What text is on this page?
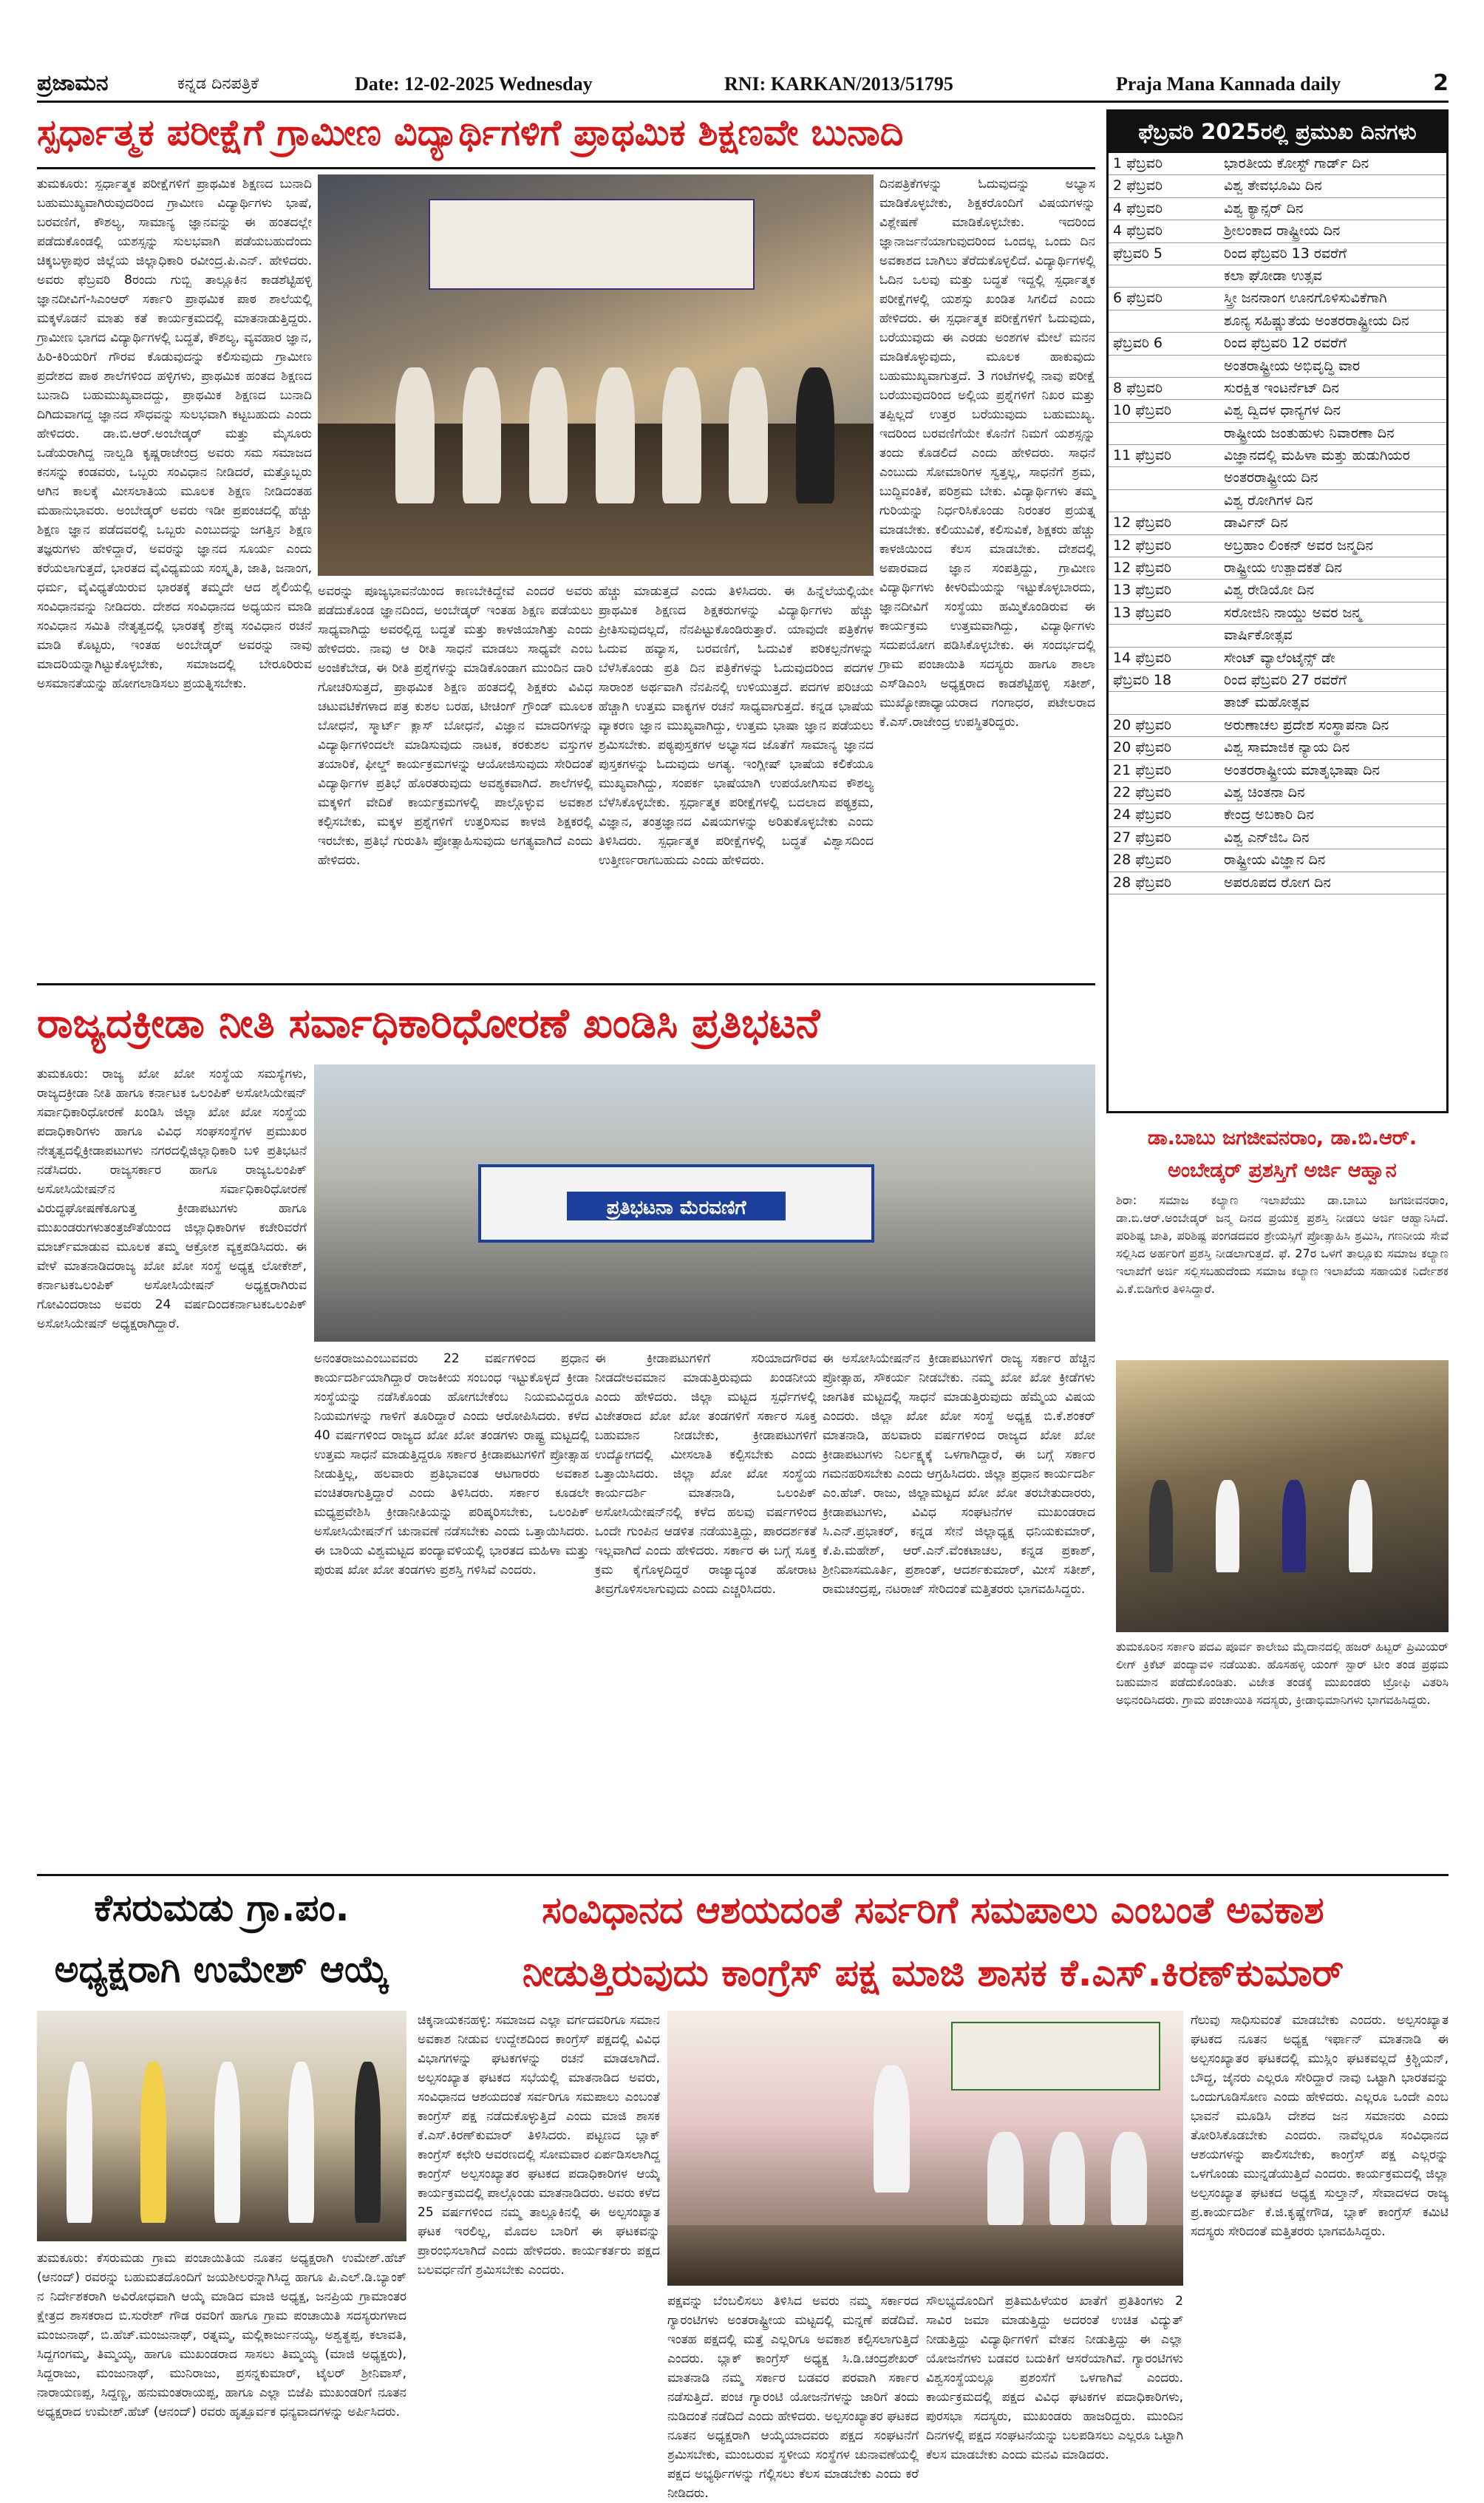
ಪ್ರಜಾಮನ	ಕನ್ನಡ ದಿನಪತ್ರಿಕೆ	Date: 12-02-2025 Wednesday	RNI: KARKAN/2013/51795	Praja Mana Kannada daily	2
ಸ್ಪರ್ಧಾತ್ಮಕ ಪರೀಕ್ಷೆಗೆ ಗ್ರಾಮೀಣ ವಿದ್ಯಾರ್ಥಿಗಳಿಗೆ ಪ್ರಾಥಮಿಕ ಶಿಕ್ಷಣವೇ ಬುನಾದಿ
ತುಮಕೂರು: ಸ್ಪರ್ಧಾತ್ಮಕ ಪರೀಕ್ಷೆಗಳಿಗೆ ಪ್ರಾಥಮಿಕ ಶಿಕ್ಷಣದ ಬುನಾದಿ ಬಹುಮುಖ್ಯವಾಗಿರುವುದರಿಂದ ಗ್ರಾಮೀಣ ವಿದ್ಯಾರ್ಥಿಗಳು ಭಾಷೆ, ಬರವಣಿಗೆ, ಕೌಶಲ್ಯ, ಸಾಮಾನ್ಯ ಜ್ಞಾನವನ್ನು ಈ ಹಂತದಲ್ಲೇ ಪಡೆದುಕೊಂಡಲ್ಲಿ ಯಶಸ್ಸನ್ನು ಸುಲಭವಾಗಿ ಪಡೆಯಬಹುದೆಂದು ಚಿಕ್ಕಬಳ್ಳಾಪುರ ಜಿಲ್ಲೆಯ ಜಿಲ್ಲಾಧಿಕಾರಿ ರವೀಂದ್ರ.ಪಿ.ಎನ್. ಹೇಳಿದರು. ಅವರು ಫೆಬ್ರವರಿ 8ರಂದು ಗುಬ್ಬಿ ತಾಲ್ಲೂಕಿನ ಕಾಡಶೆಟ್ಟಿಹಳ್ಳಿ ಜ್ಞಾನದೀವಿಗೆ-ಸಿಎಂಆರ್ ಸರ್ಕಾರಿ ಪ್ರಾಥಮಿಕ ಪಾಠ ಶಾಲೆಯಲ್ಲಿ ಮಕ್ಕಳೊಡನೆ ಮಾತು ಕತೆ ಕಾರ್ಯಕ್ರಮದಲ್ಲಿ ಮಾತನಾಡುತ್ತಿದ್ದರು. ಗ್ರಾಮೀಣ ಭಾಗದ ವಿದ್ಯಾರ್ಥಿಗಳಲ್ಲಿ ಬದ್ಧತೆ, ಕೌಶಲ್ಯ, ವ್ಯವಹಾರ ಜ್ಞಾನ, ಹಿರಿ-ಕಿರಿಯರಿಗೆ ಗೌರವ ಕೊಡುವುದನ್ನು ಕಲಿಸುವುದು ಗ್ರಾಮೀಣ ಪ್ರದೇಶದ ಪಾಠ ಶಾಲೆಗಳಿಂದ ಹಳ್ಳಿಗಳು, ಪ್ರಾಥಮಿಕ ಹಂತದ ಶಿಕ್ಷಣದ ಬುನಾದಿ ಬಹುಮುಖ್ಯವಾದದ್ದು, ಪ್ರಾಥಮಿಕ ಶಿಕ್ಷಣದ ಬುನಾದಿ ದಿಗಿದುವಾಗದ್ದ ಜ್ಞಾನದ ಸೌಧವನ್ನು ಸುಲಭವಾಗಿ ಕಟ್ಟಬಹುದು ಎಂದು ಹೇಳಿದರು. ಡಾ.ಬಿ.ಆರ್.ಅಂಬೇಡ್ಕರ್ ಮತ್ತು ಮೈಸೂರು ಒಡೆಯರಾಗಿದ್ದ ನಾಲ್ವಡಿ ಕೃಷ್ಣರಾಜೇಂದ್ರ ಅವರು ಸಮ ಸಮಾಜದ ಕನಸನ್ನು ಕಂಡವರು, ಒಬ್ಬರು ಸಂವಿಧಾನ ನೀಡಿದರೆ, ಮತ್ತೊಬ್ಬರು ಆಗಿನ ಕಾಲಕ್ಕೆ ಮೀಸಲಾತಿಯ ಮೂಲಕ ಶಿಕ್ಷಣ ನೀಡಿದಂತಹ ಮಹಾನುಭಾವರು. ಅಂಬೇಡ್ಕರ್ ಅವರು ಇಡೀ ಪ್ರಪಂಚದಲ್ಲಿ ಹೆಚ್ಚು ಶಿಕ್ಷಣ ಜ್ಞಾನ ಪಡೆದವರಲ್ಲಿ ಒಬ್ಬರು ಎಂಬುದನ್ನು ಜಗತ್ತಿನ ಶಿಕ್ಷಣ ತಜ್ಞರುಗಳು ಹೇಳಿದ್ದಾರೆ, ಅವರನ್ನು ಜ್ಞಾನದ ಸೂರ್ಯ ಎಂದು ಕರೆಯಲಾಗುತ್ತದೆ, ಭಾರತದ ವೈವಿಧ್ಯಮಯ ಸಂಸ್ಕೃತಿ, ಜಾತಿ, ಜನಾಂಗ, ಧರ್ಮ, ವೈವಿಧ್ಯತೆಯಿರುವ ಭಾರತಕ್ಕೆ ತಮ್ಮದೇ ಆದ ಶೈಲಿಯಲ್ಲಿ ಸಂವಿಧಾನವನ್ನು ನೀಡಿದರು. ದೇಶದ ಸಂವಿಧಾನದ ಅಧ್ಯಯನ ಮಾಡಿ ಸಂವಿಧಾನ ಸಮಿತಿ ನೇತೃತ್ವದಲ್ಲಿ ಭಾರತಕ್ಕೆ ಶ್ರೇಷ್ಠ ಸಂವಿಧಾನ ರಚನೆ ಮಾಡಿ ಕೊಟ್ಟರು, ಇಂತಹ ಅಂಬೇಡ್ಕರ್ ಅವರನ್ನು ನಾವು ಮಾದರಿಯನ್ನಾಗಿಟ್ಟುಕೊಳ್ಳಬೇಕು, ಸಮಾಜದಲ್ಲಿ ಬೇರೂರಿರುವ ಅಸಮಾನತೆಯನ್ನು ಹೋಗಲಾಡಿಸಲು ಪ್ರಯತ್ನಿಸಬೇಕು.
ಅವರನ್ನು ಪೂಜ್ಯಭಾವನೆಯಿಂದ ಕಾಣಬೇಕಿದ್ದೇವೆ ಎಂದರೆ ಅವರು ಪಡೆದುಕೊಂಡ ಜ್ಞಾನದಿಂದ, ಅಂಬೇಡ್ಕರ್ ಇಂತಹ ಶಿಕ್ಷಣ ಪಡೆಯಲು ಸಾಧ್ಯವಾಗಿದ್ದು ಅವರಲ್ಲಿದ್ದ ಬದ್ಧತೆ ಮತ್ತು ಕಾಳಜಿಯಾಗಿತ್ತು ಎಂದು ಹೇಳಿದರು. ನಾವು ಆ ರೀತಿ ಸಾಧನೆ ಮಾಡಲು ಸಾಧ್ಯವೇ ಎಂಬ ಅಂಜಿಕೆಬೇಡ, ಈ ರೀತಿ ಪ್ರಶ್ನೆಗಳನ್ನು ಮಾಡಿಕೊಂಡಾಗ ಮುಂದಿನ ದಾರಿ ಗೋಚರಿಸುತ್ತದೆ, ಪ್ರಾಥಮಿಕ ಶಿಕ್ಷಣ ಹಂತದಲ್ಲಿ ಶಿಕ್ಷಕರು ವಿವಿಧ ಚಟುವಟಿಕೆಗಳಾದ ಪತ್ರ ಕುಶಲ ಬರಹ, ಟೀಚಿಂಗ್ ಗ್ರೌಂಡ್ ಮೂಲಕ ಬೋಧನೆ, ಸ್ಮಾರ್ಟ್ ಕ್ಲಾಸ್ ಬೋಧನೆ, ವಿಜ್ಞಾನ ಮಾದರಿಗಳನ್ನು ವಿದ್ಯಾರ್ಥಿಗಳಿಂದಲೇ ಮಾಡಿಸುವುದು ನಾಟಕ, ಕರಕುಶಲ ವಸ್ತುಗಳ ತಯಾರಿಕೆ, ಫೀಲ್ಡ್ ಕಾರ್ಯಕ್ರಮಗಳನ್ನು ಆಯೋಜಿಸುವುದು ಸೇರಿದಂತೆ ವಿದ್ಯಾರ್ಥಿಗಳ ಪ್ರತಿಭೆ ಹೊರತರುವುದು ಅವಶ್ಯಕವಾಗಿದೆ. ಶಾಲೆಗಳಲ್ಲಿ ಮಕ್ಕಳಿಗೆ ವೇದಿಕೆ ಕಾರ್ಯಕ್ರಮಗಳಲ್ಲಿ ಪಾಲ್ಗೊಳ್ಳುವ ಅವಕಾಶ ಕಲ್ಪಿಸಬೇಕು, ಮಕ್ಕಳ ಪ್ರಶ್ನೆಗಳಿಗೆ ಉತ್ತರಿಸುವ ಕಾಳಜಿ ಶಿಕ್ಷಕರಲ್ಲಿ ಇರಬೇಕು, ಪ್ರತಿಭೆ ಗುರುತಿಸಿ ಪ್ರೋತ್ಸಾಹಿಸುವುದು ಅಗತ್ಯವಾಗಿದೆ ಎಂದು ಹೇಳಿದರು.
ಹೆಚ್ಚು ಮಾಡುತ್ತದೆ ಎಂದು ತಿಳಿಸಿದರು. ಈ ಹಿನ್ನೆಲೆಯಲ್ಲಿಯೇ ಪ್ರಾಥಮಿಕ ಶಿಕ್ಷಣದ ಶಿಕ್ಷಕರುಗಳನ್ನು ವಿದ್ಯಾರ್ಥಿಗಳು ಹೆಚ್ಚು ಪ್ರೀತಿಸುವುದಲ್ಲದೆ, ನೆನಪಿಟ್ಟುಕೊಂಡಿರುತ್ತಾರೆ. ಯಾವುದೇ ಪತ್ರಿಕೆಗಳ ಓದುವ ಹವ್ಯಾಸ, ಬರವಣಿಗೆ, ಓದುವಿಕೆ ಪರಿಕಲ್ಪನೆಗಳನ್ನು ಬೆಳೆಸಿಕೊಂಡು ಪ್ರತಿ ದಿನ ಪತ್ರಿಕೆಗಳನ್ನು ಓದುವುದರಿಂದ ಪದಗಳ ಸಾರಾಂಶ ಅರ್ಥವಾಗಿ ನೆನಪಿನಲ್ಲಿ ಉಳಿಯುತ್ತದೆ. ಪದಗಳ ಪರಿಚಯ ಹೆಚ್ಚಾಗಿ ಉತ್ತಮ ವಾಕ್ಯಗಳ ರಚನೆ ಸಾಧ್ಯವಾಗುತ್ತದೆ. ಕನ್ನಡ ಭಾಷೆಯ ವ್ಯಾಕರಣ ಜ್ಞಾನ ಮುಖ್ಯವಾಗಿದ್ದು, ಉತ್ತಮ ಭಾಷಾ ಜ್ಞಾನ ಪಡೆಯಲು ಶ್ರಮಿಸಬೇಕು. ಪಠ್ಯಪುಸ್ತಕಗಳ ಅಭ್ಯಾಸದ ಜೊತೆಗೆ ಸಾಮಾನ್ಯ ಜ್ಞಾನದ ಪುಸ್ತಕಗಳನ್ನು ಓದುವುದು ಅಗತ್ಯ. ಇಂಗ್ಲೀಷ್ ಭಾಷೆಯ ಕಲಿಕೆಯೂ ಮುಖ್ಯವಾಗಿದ್ದು, ಸಂಪರ್ಕ ಭಾಷೆಯಾಗಿ ಉಪಯೋಗಿಸುವ ಕೌಶಲ್ಯ ಬೆಳೆಸಿಕೊಳ್ಳಬೇಕು. ಸ್ಪರ್ಧಾತ್ಮಕ ಪರೀಕ್ಷೆಗಳಲ್ಲಿ ಬದಲಾದ ಪಠ್ಯಕ್ರಮ, ವಿಜ್ಞಾನ, ತಂತ್ರಜ್ಞಾನದ ವಿಷಯಗಳನ್ನು ಅರಿತುಕೊಳ್ಳಬೇಕು ಎಂದು ತಿಳಿಸಿದರು. ಸ್ಪರ್ಧಾತ್ಮಕ ಪರೀಕ್ಷೆಗಳಲ್ಲಿ ಬದ್ಧತೆ ವಿಶ್ವಾಸದಿಂದ ಉತ್ತೀರ್ಣರಾಗಬಹುದು ಎಂದು ಹೇಳಿದರು.
ದಿನಪತ್ರಿಕೆಗಳನ್ನು ಓದುವುದನ್ನು ಅಭ್ಯಾಸ ಮಾಡಿಕೊಳ್ಳಬೇಕು, ಶಿಕ್ಷಕರೊಂದಿಗೆ ವಿಷಯಗಳನ್ನು ವಿಶ್ಲೇಷಣೆ ಮಾಡಿಕೊಳ್ಳಬೇಕು. ಇದರಿಂದ ಜ್ಞಾನಾರ್ಜನೆಯಾಗುವುದರಿಂದ ಒಂದಲ್ಲ ಒಂದು ದಿನ ಅವಕಾಶದ ಬಾಗಿಲು ತೆರೆದುಕೊಳ್ಳಲಿದೆ. ವಿದ್ಯಾರ್ಥಿಗಳಲ್ಲಿ ಓದಿನ ಒಲವು ಮತ್ತು ಬದ್ಧತೆ ಇದ್ದಲ್ಲಿ ಸ್ಪರ್ಧಾತ್ಮಕ ಪರೀಕ್ಷೆಗಳಲ್ಲಿ ಯಶಸ್ಸು ಖಂಡಿತ ಸಿಗಲಿದೆ ಎಂದು ಹೇಳಿದರು. ಈ ಸ್ಪರ್ಧಾತ್ಮಕ ಪರೀಕ್ಷೆಗಳಿಗೆ ಓದುವುದು, ಬರೆಯುವುದು ಈ ಎರಡು ಅಂಶಗಳ ಮೇಲೆ ಮನನ ಮಾಡಿಕೊಳ್ಳುವುದು, ಮೂಲಕ ಹಾಕುವುದು ಬಹುಮುಖ್ಯವಾಗುತ್ತದೆ. 3 ಗಂಟೆಗಳಲ್ಲಿ ನಾವು ಪರೀಕ್ಷೆ ಬರೆಯುವುದರಿಂದ ಅಲ್ಲಿಯ ಪ್ರಶ್ನೆಗಳಿಗೆ ನಿಖರ ಮತ್ತು ತಪ್ಪಿಲ್ಲದೆ ಉತ್ತರ ಬರೆಯುವುದು ಬಹುಮುಖ್ಯ. ಇದರಿಂದ ಬರವಣಿಗೆಯೇ ಕೊನೆಗೆ ನಿಮಗೆ ಯಶಸ್ಸನ್ನು ತಂದು ಕೊಡಲಿದೆ ಎಂದು ಹೇಳಿದರು. ಸಾಧನೆ ಎಂಬುದು ಸೋಮಾರಿಗಳ ಸ್ವತ್ತಲ್ಲ, ಸಾಧನೆಗೆ ಶ್ರಮ, ಬುದ್ಧಿವಂತಿಕೆ, ಪರಿಶ್ರಮ ಬೇಕು. ವಿದ್ಯಾರ್ಥಿಗಳು ತಮ್ಮ ಗುರಿಯನ್ನು ನಿರ್ಧರಿಸಿಕೊಂಡು ನಿರಂತರ ಪ್ರಯತ್ನ ಮಾಡಬೇಕು. ಕಲಿಯುವಿಕೆ, ಕಲಿಸುವಿಕೆ, ಶಿಕ್ಷಕರು ಹೆಚ್ಚು ಕಾಳಜಿಯಿಂದ ಕೆಲಸ ಮಾಡಬೇಕು. ದೇಶದಲ್ಲಿ ಅಪಾರವಾದ ಜ್ಞಾನ ಸಂಪತ್ತಿದ್ದು, ಗ್ರಾಮೀಣ ವಿದ್ಯಾರ್ಥಿಗಳು ಕೀಳರಿಮೆಯನ್ನು ಇಟ್ಟುಕೊಳ್ಳಬಾರದು, ಜ್ಞಾನದೀವಿಗೆ ಸಂಸ್ಥೆಯು ಹಮ್ಮಿಕೊಂಡಿರುವ ಈ ಕಾರ್ಯಕ್ರಮ ಉತ್ತಮವಾಗಿದ್ದು, ವಿದ್ಯಾರ್ಥಿಗಳು ಸದುಪಯೋಗ ಪಡಿಸಿಕೊಳ್ಳಬೇಕು. ಈ ಸಂದರ್ಭದಲ್ಲಿ ಗ್ರಾಮ ಪಂಚಾಯಿತಿ ಸದಸ್ಯರು ಹಾಗೂ ಶಾಲಾ ಎಸ್‌ಡಿಎಂಸಿ ಅಧ್ಯಕ್ಷರಾದ ಕಾಡಶೆಟ್ಟಿಹಳ್ಳಿ ಸತೀಶ್, ಮುಖ್ಯೋಪಾಧ್ಯಾಯರಾದ ಗಂಗಾಧರ, ಪಟೇಲರಾದ ಕೆ.ಎಸ್.ರಾಜೇಂದ್ರ ಉಪಸ್ಥಿತರಿದ್ದರು.
ಫೆಬ್ರವರಿ 2025ರಲ್ಲಿ ಪ್ರಮುಖ ದಿನಗಳು
1 ಫೆಬ್ರವರಿ	ಭಾರತೀಯ ಕೋಸ್ಟ್ ಗಾರ್ಡ್ ದಿನ
2 ಫೆಬ್ರವರಿ	ವಿಶ್ವ ತೇವಭೂಮಿ ದಿನ
4 ಫೆಬ್ರವರಿ	ವಿಶ್ವ ಕ್ಯಾನ್ಸರ್ ದಿನ
4 ಫೆಬ್ರವರಿ	ಶ್ರೀಲಂಕಾದ ರಾಷ್ಟ್ರೀಯ ದಿನ
ಫೆಬ್ರವರಿ 5	ರಿಂದ ಫೆಬ್ರವರಿ 13 ರವರೆಗೆ
ಕಲಾ ಘೋಡಾ ಉತ್ಸವ
6 ಫೆಬ್ರವರಿ	ಸ್ತ್ರೀ ಜನನಾಂಗ ಊನಗೊಳಿಸುವಿಕೆಗಾಗಿ
ಶೂನ್ಯ ಸಹಿಷ್ಣುತೆಯ ಅಂತರರಾಷ್ಟ್ರೀಯ ದಿನ
ಫೆಬ್ರವರಿ 6	ರಿಂದ ಫೆಬ್ರವರಿ 12 ರವರೆಗೆ
ಅಂತರಾಷ್ಟ್ರೀಯ ಅಭಿವೃದ್ಧಿ ವಾರ
8 ಫೆಬ್ರವರಿ	ಸುರಕ್ಷಿತ ಇಂಟರ್ನೆಟ್ ದಿನ
10 ಫೆಬ್ರವರಿ	ವಿಶ್ವ ದ್ವಿದಳ ಧಾನ್ಯಗಳ ದಿನ
ರಾಷ್ಟ್ರೀಯ ಜಂತುಹುಳು ನಿವಾರಣಾ ದಿನ
11 ಫೆಬ್ರವರಿ	ವಿಜ್ಞಾನದಲ್ಲಿ ಮಹಿಳಾ ಮತ್ತು ಹುಡುಗಿಯರ
ಅಂತರರಾಷ್ಟ್ರೀಯ ದಿನ
ವಿಶ್ವ ರೋಗಿಗಳ ದಿನ
12 ಫೆಬ್ರವರಿ	ಡಾರ್ವಿನ್ ದಿನ
12 ಫೆಬ್ರವರಿ	ಅಬ್ರಹಾಂ ಲಿಂಕನ್ ಅವರ ಜನ್ಮದಿನ
12 ಫೆಬ್ರವರಿ	ರಾಷ್ಟ್ರೀಯ ಉತ್ಪಾದಕತೆ ದಿನ
13 ಫೆಬ್ರವರಿ	ವಿಶ್ವ ರೇಡಿಯೋ ದಿನ
13 ಫೆಬ್ರವರಿ	ಸರೋಜಿನಿ ನಾಯ್ಡು ಅವರ ಜನ್ಮ
ವಾರ್ಷಿಕೋತ್ಸವ
14 ಫೆಬ್ರವರಿ	ಸೇಂಟ್ ವ್ಯಾಲೆಂಟೈನ್ಸ್ ಡೇ
ಫೆಬ್ರವರಿ 18	ರಿಂದ ಫೆಬ್ರವರಿ 27 ರವರೆಗೆ
ತಾಜ್ ಮಹೋತ್ಸವ
20 ಫೆಬ್ರವರಿ	ಅರುಣಾಚಲ ಪ್ರದೇಶ ಸಂಸ್ಥಾಪನಾ ದಿನ
20 ಫೆಬ್ರವರಿ	ವಿಶ್ವ ಸಾಮಾಜಿಕ ನ್ಯಾಯ ದಿನ
21 ಫೆಬ್ರವರಿ	ಅಂತರರಾಷ್ಟ್ರೀಯ ಮಾತೃಭಾಷಾ ದಿನ
22 ಫೆಬ್ರವರಿ	ವಿಶ್ವ ಚಿಂತನಾ ದಿನ
24 ಫೆಬ್ರವರಿ	ಕೇಂದ್ರ ಅಬಕಾರಿ ದಿನ
27 ಫೆಬ್ರವರಿ	ವಿಶ್ವ ಎನ್‌ಜಿಒ ದಿನ
28 ಫೆಬ್ರವರಿ	ರಾಷ್ಟ್ರೀಯ ವಿಜ್ಞಾನ ದಿನ
28 ಫೆಬ್ರವರಿ	ಅಪರೂಪದ ರೋಗ ದಿನ
ರಾಜ್ಯದಕ್ರೀಡಾ ನೀತಿ ಸರ್ವಾಧಿಕಾರಿಧೋರಣೆ ಖಂಡಿಸಿ ಪ್ರತಿಭಟನೆ
ತುಮಕೂರು: ರಾಜ್ಯ ಖೋ ಖೋ ಸಂಸ್ಥೆಯ ಸಮಸ್ಯೆಗಳು, ರಾಜ್ಯದಕ್ರೀಡಾ ನೀತಿ ಹಾಗೂ ಕರ್ನಾಟಕ ಒಲಂಪಿಕ್ ಅಸೋಸಿಯೇಷನ್ ಸರ್ವಾಧಿಕಾರಿಧೋರಣೆ ಖಂಡಿಸಿ ಜಿಲ್ಲಾ ಖೋ ಖೋ ಸಂಸ್ಥೆಯ ಪದಾಧಿಕಾರಿಗಳು ಹಾಗೂ ವಿವಿಧ ಸಂಘಸಂಸ್ಥೆಗಳ ಪ್ರಮುಖರ ನೇತೃತ್ವದಲ್ಲಿಕ್ರೀಡಾಪಟುಗಳು ನಗರದಲ್ಲಿಜಿಲ್ಲಾಧಿಕಾರಿ ಬಳಿ ಪ್ರತಿಭಟನೆ ನಡೆಸಿದರು. ರಾಜ್ಯಸರ್ಕಾರ ಹಾಗೂ ರಾಜ್ಯಒಲಂಪಿಕ್ ಅಸೋಸಿಯೇಷನ್‌ನ ಸರ್ವಾಧಿಕಾರಿಧೋರಣೆ ವಿರುದ್ಧಘೋಷಣೆಕೂಗುತ್ತ ಕ್ರೀಡಾಪಟುಗಳು ಹಾಗೂ ಮುಖಂಡರುಗಳುತಂತ್ರಜೌತೆಯಿಂದ ಜಿಲ್ಲಾಧಿಕಾರಿಗಳ ಕಚೇರಿವರೆಗೆ ಮಾರ್ಚ್‌ಮಾಡುವ ಮೂಲಕ ತಮ್ಮ ಆಕ್ರೋಶ ವ್ಯಕ್ತಪಡಿಸಿದರು. ಈ ವೇಳೆ ಮಾತನಾಡಿದರಾಜ್ಯ ಖೋ ಖೋ ಸಂಸ್ಥೆ ಅಧ್ಯಕ್ಷ ಲೋಕೇಶ್, ಕರ್ನಾಟಕಒಲಂಪಿಕ್ ಅಸೋಸಿಯೇಷನ್ ಅಧ್ಯಕ್ಷರಾಗಿರುವ ಗೋವಿಂದರಾಜು ಅವರು 24 ವರ್ಷದಿಂದಕರ್ನಾಟಕಒಲಂಪಿಕ್ ಅಸೋಸಿಯೇಷನ್ ಅಧ್ಯಕ್ಷರಾಗಿದ್ದಾರೆ.
ಪ್ರತಿಭಟನಾ ಮೆರವಣಿಗೆ
ಈ ಕ್ರೀಡಾಪಟುಗಳಿಗೆ ಸರಿಯಾದಗೌರವ ನೀಡದೇಅವಮಾನ ಮಾಡುತ್ತಿರುವುದು ಖಂಡನೀಯ ಎಂದು ಹೇಳಿದರು. ಜಿಲ್ಲಾ ಮಟ್ಟದ ಸ್ಪರ್ಧೆಗಳಲ್ಲಿ ವಿಜೇತರಾದ ಖೋ ಖೋ ತಂಡಗಳಿಗೆ ಸರ್ಕಾರ ಸೂಕ್ತ ಬಹುಮಾನ ನೀಡಬೇಕು, ಕ್ರೀಡಾಪಟುಗಳಿಗೆ ಉದ್ಯೋಗದಲ್ಲಿ ಮೀಸಲಾತಿ ಕಲ್ಪಿಸಬೇಕು ಎಂದು ಒತ್ತಾಯಿಸಿದರು. ಜಿಲ್ಲಾ ಖೋ ಖೋ ಸಂಸ್ಥೆಯ ಕಾರ್ಯದರ್ಶಿ ಮಾತನಾಡಿ, ಒಲಂಪಿಕ್ ಅಸೋಸಿಯೇಷನ್‌ನಲ್ಲಿ ಕಳೆದ ಹಲವು ವರ್ಷಗಳಿಂದ ಒಂದೇ ಗುಂಪಿನ ಆಡಳಿತ ನಡೆಯುತ್ತಿದ್ದು, ಪಾರದರ್ಶಕತೆ ಇಲ್ಲವಾಗಿದೆ ಎಂದು ಹೇಳಿದರು. ಸರ್ಕಾರ ಈ ಬಗ್ಗೆ ಸೂಕ್ತ ಕ್ರಮ ಕೈಗೊಳ್ಳದಿದ್ದರೆ ರಾಜ್ಯಾದ್ಯಂತ ಹೋರಾಟ ತೀವ್ರಗೊಳಿಸಲಾಗುವುದು ಎಂದು ಎಚ್ಚರಿಸಿದರು.
ಅನಂತರಾಜುಎಂಬುವವರು 22 ವರ್ಷಗಳಿಂದ ಪ್ರಧಾನ ಕಾರ್ಯದರ್ಶಿಯಾಗಿದ್ದಾರೆ ರಾಜಕೀಯ ಸಂಬಂಧ ಇಟ್ಟುಕೊಳ್ಳದೆ ಕ್ರೀಡಾ ಸಂಸ್ಥೆಯನ್ನು ನಡೆಸಿಕೊಂಡು ಹೋಗಬೇಕೆಂಬ ನಿಯಮವಿದ್ದರೂ ನಿಯಮಗಳನ್ನು ಗಾಳಿಗೆ ತೂರಿದ್ದಾರೆ ಎಂದು ಆರೋಪಿಸಿದರು. ಕಳೆದ 40 ವರ್ಷಗಳಿಂದ ರಾಜ್ಯದ ಖೋ ಖೋ ತಂಡಗಳು ರಾಷ್ಟ್ರ ಮಟ್ಟದಲ್ಲಿ ಉತ್ತಮ ಸಾಧನೆ ಮಾಡುತ್ತಿದ್ದರೂ ಸರ್ಕಾರ ಕ್ರೀಡಾಪಟುಗಳಿಗೆ ಪ್ರೋತ್ಸಾಹ ನೀಡುತ್ತಿಲ್ಲ, ಹಲವಾರು ಪ್ರತಿಭಾವಂತ ಆಟಗಾರರು ಅವಕಾಶ ವಂಚಿತರಾಗುತ್ತಿದ್ದಾರೆ ಎಂದು ತಿಳಿಸಿದರು. ಸರ್ಕಾರ ಕೂಡಲೇ ಮಧ್ಯಪ್ರವೇಶಿಸಿ ಕ್ರೀಡಾನೀತಿಯನ್ನು ಪರಿಷ್ಕರಿಸಬೇಕು, ಒಲಂಪಿಕ್ ಅಸೋಸಿಯೇಷನ್‌ಗೆ ಚುನಾವಣೆ ನಡೆಸಬೇಕು ಎಂದು ಒತ್ತಾಯಿಸಿದರು. ಈ ಬಾರಿಯ ವಿಶ್ವಮಟ್ಟದ ಪಂದ್ಯಾವಳಿಯಲ್ಲಿ ಭಾರತದ ಮಹಿಳಾ ಮತ್ತು ಪುರುಷ ಖೋ ಖೋ ತಂಡಗಳು ಪ್ರಶಸ್ತಿ ಗಳಿಸಿವೆ ಎಂದರು.
ಈ ಅಸೋಸಿಯೇಷನ್‌ನ ಕ್ರೀಡಾಪಟುಗಳಿಗೆ ರಾಜ್ಯ ಸರ್ಕಾರ ಹೆಚ್ಚಿನ ಪ್ರೋತ್ಸಾಹ, ಸೌಕರ್ಯ ನೀಡಬೇಕು. ನಮ್ಮ ಖೋ ಖೋ ಕ್ರೀಡೆಗಳು ಜಾಗತಿಕ ಮಟ್ಟದಲ್ಲಿ ಸಾಧನೆ ಮಾಡುತ್ತಿರುವುದು ಹೆಮ್ಮೆಯ ವಿಷಯ ಎಂದರು. ಜಿಲ್ಲಾ ಖೋ ಖೋ ಸಂಸ್ಥೆ ಅಧ್ಯಕ್ಷ ಬಿ.ಕೆ.ಶಂಕರ್ ಮಾತನಾಡಿ, ಹಲವಾರು ವರ್ಷಗಳಿಂದ ರಾಜ್ಯದ ಖೋ ಖೋ ಕ್ರೀಡಾಪಟುಗಳು ನಿರ್ಲಕ್ಷ್ಯಕ್ಕೆ ಒಳಗಾಗಿದ್ದಾರೆ, ಈ ಬಗ್ಗೆ ಸರ್ಕಾರ ಗಮನಹರಿಸಬೇಕು ಎಂದು ಆಗ್ರಹಿಸಿದರು. ಜಿಲ್ಲಾ ಪ್ರಧಾನ ಕಾರ್ಯದರ್ಶಿ ಎಂ.ಹೆಚ್. ರಾಜು, ಜಿಲ್ಲಾಮಟ್ಟದ ಖೋ ಖೋ ತರಬೇತುದಾರರು, ಕ್ರೀಡಾಪಟುಗಳು, ವಿವಿಧ ಸಂಘಟನೆಗಳ ಮುಖಂಡರಾದ ಸಿ.ಎನ್.ಪ್ರಭಾಕರ್, ಕನ್ನಡ ಸೇನೆ ಜಿಲ್ಲಾಧ್ಯಕ್ಷ ಧನಿಯಕುಮಾರ್, ಕೆ.ಪಿ.ಮಹೇಶ್, ಆರ್.ಎನ್.ವೆಂಕಟಾಚಲ, ಕನ್ನಡ ಪ್ರಕಾಶ್, ಶ್ರೀನಿವಾಸಮೂರ್ತಿ, ಪ್ರಶಾಂತ್, ಆದರ್ಶಕುಮಾರ್, ಮೀಸೆ ಸತೀಶ್, ರಾಮಚಂದ್ರಪ್ಪ, ನಟರಾಜ್ ಸೇರಿದಂತೆ ಮತ್ತಿತರರು ಭಾಗವಹಿಸಿದ್ದರು.
ಡಾ.ಬಾಬು ಜಗಜೀವನರಾಂ, ಡಾ.ಬಿ.ಆರ್. ಅಂಬೇಡ್ಕರ್ ಪ್ರಶಸ್ತಿಗೆ ಅರ್ಜಿ ಆಹ್ವಾನ
ಶಿರಾ: ಸಮಾಜ ಕಲ್ಯಾಣ ಇಲಾಖೆಯು ಡಾ.ಬಾಬು ಜಗಜೀವನರಾಂ, ಡಾ.ಬಿ.ಆರ್.ಅಂಬೇಡ್ಕರ್ ಜನ್ಮ ದಿನದ ಪ್ರಯುಕ್ತ ಪ್ರಶಸ್ತಿ ನೀಡಲು ಅರ್ಜಿ ಆಹ್ವಾನಿಸಿದೆ. ಪರಿಶಿಷ್ಟ ಜಾತಿ, ಪರಿಶಿಷ್ಟ ಪಂಗಡದವರ ಶ್ರೇಯಸ್ಸಿಗೆ ಪ್ರೋತ್ಸಾಹಿಸಿ ಶ್ರಮಿಸಿ, ಗಣನೀಯ ಸೇವೆ ಸಲ್ಲಿಸಿದ ಅರ್ಹರಿಗೆ ಪ್ರಶಸ್ತಿ ನೀಡಲಾಗುತ್ತದೆ. ಫೆ. 27ರ ಒಳಗೆ ತಾಲ್ಲೂಕು ಸಮಾಜ ಕಲ್ಯಾಣ ಇಲಾಖೆಗೆ ಅರ್ಜಿ ಸಲ್ಲಿಸಬಹುದೆಂದು ಸಮಾಜ ಕಲ್ಯಾಣ ಇಲಾಖೆಯ ಸಹಾಯಕ ನಿರ್ದೇಶಕ ವಿ.ಕೆ.ಬಿಡಿಗೇರ ತಿಳಿಸಿದ್ದಾರೆ.
ತುಮಕೂರಿನ ಸರ್ಕಾರಿ ಪದವಿ ಪೂರ್ವ ಕಾಲೇಜು ಮೈದಾನದಲ್ಲಿ ಹಜರ್ ಹಿಟ್ಟರ್ ಪ್ರಿಮಿಯರ್ ಲೀಗ್ ಕ್ರಿಕೆಟ್ ಪಂದ್ಯಾವಳಿ ನಡೆಯಿತು. ಹೊಸಹಳ್ಳಿ ಯಂಗ್ ಸ್ಟಾರ್ ಟೀಂ ತಂಡ ಪ್ರಥಮ ಬಹುಮಾನ ಪಡೆದುಕೊಂಡಿತು. ವಿಜೇತ ತಂಡಕ್ಕೆ ಮುಖಂಡರು ಟ್ರೋಫಿ ವಿತರಿಸಿ ಅಭಿನಂದಿಸಿದರು. ಗ್ರಾಮ ಪಂಚಾಯಿತಿ ಸದಸ್ಯರು, ಕ್ರೀಡಾಭಿಮಾನಿಗಳು ಭಾಗವಹಿಸಿದ್ದರು.
ಕೆಸರುಮಡು ಗ್ರಾ.ಪಂ.
ಅಧ್ಯಕ್ಷರಾಗಿ ಉಮೇಶ್ ಆಯ್ಕೆ
ತುಮಕೂರು: ಕೆಸರುಮಡು ಗ್ರಾಮ ಪಂಚಾಯಿತಿಯ ನೂತನ ಅಧ್ಯಕ್ಷರಾಗಿ ಉಮೇಶ್.ಹೆಚ್ (ಆನಂದ್) ರವರನ್ನು ಬಹುಮತದೊಂದಿಗೆ ಜಯಶೀಲರನ್ನಾಗಿಸಿದ್ದ ಹಾಗೂ ಪಿ.ಎಲ್.ಡಿ.ಬ್ಯಾಂಕ್ ನ ನಿರ್ದೇಶಕರಾಗಿ ಅವಿರೋಧವಾಗಿ ಆಯ್ಕೆ ಮಾಡಿದ ಮಾಜಿ ಅಧ್ಯಕ್ಷ, ಜನಪ್ರಿಯ ಗ್ರಾಮಾಂತರ ಕ್ಷೇತ್ರದ ಶಾಸಕರಾದ ಬಿ.ಸುರೇಶ್ ಗೌಡ ರವರಿಗೆ ಹಾಗೂ ಗ್ರಾಮ ಪಂಚಾಯಿತಿ ಸದಸ್ಯರುಗಳಾದ ಮಂಜುನಾಥ್, ಬಿ.ಹೆಚ್.ಮಂಜುನಾಥ್, ರತ್ನಮ್ಮ, ಮಲ್ಲಿಕಾರ್ಜುನಯ್ಯ, ಅಶ್ವತ್ಥಪ್ಪ, ಕಲಾವತಿ, ಸಿದ್ದಗಂಗಮ್ಮ, ತಿಮ್ಮಯ್ಯ, ಹಾಗೂ ಮುಖಂಡರಾದ ಸಾಸಲು ತಿಮ್ಮಯ್ಯ (ಮಾಜಿ ಅಧ್ಯಕ್ಷರು), ಸಿದ್ದರಾಜು, ಮಂಜುನಾಥ್, ಮುನಿರಾಜು, ಪ್ರಸನ್ನಕುಮಾರ್, ಟೈಲರ್ ಶ್ರೀನಿವಾಸ್, ನಾರಾಯಣಪ್ಪ, ಸಿದ್ದಣ್ಣ, ಹನುಮಂತರಾಯಪ್ಪ, ಹಾಗೂ ಎಲ್ಲಾ ಬಿಜೆಪಿ ಮುಖಂಡರಿಗೆ ನೂತನ ಅಧ್ಯಕ್ಷರಾದ ಉಮೇಶ್.ಹೆಚ್ (ಆನಂದ್) ರವರು ಹೃತ್ಪೂರ್ವಕ ಧನ್ಯವಾದಗಳನ್ನು ಅರ್ಪಿಸಿದರು.
ಸಂವಿಧಾನದ ಆಶಯದಂತೆ ಸರ್ವರಿಗೆ ಸಮಪಾಲು ಎಂಬಂತೆ ಅವಕಾಶ
ನೀಡುತ್ತಿರುವುದು ಕಾಂಗ್ರೆಸ್ ಪಕ್ಷ ಮಾಜಿ ಶಾಸಕ ಕೆ.ಎಸ್.ಕಿರಣ್‌ಕುಮಾರ್
ಚಿಕ್ಕನಾಯಕನಹಳ್ಳಿ: ಸಮಾಜದ ಎಲ್ಲಾ ವರ್ಗದವರಿಗೂ ಸಮಾನ ಅವಕಾಶ ನೀಡುವ ಉದ್ದೇಶದಿಂದ ಕಾಂಗ್ರೆಸ್ ಪಕ್ಷದಲ್ಲಿ ವಿವಿಧ ವಿಭಾಗಗಳನ್ನು ಘಟಕಗಳನ್ನು ರಚನೆ ಮಾಡಲಾಗಿದೆ. ಅಲ್ಪಸಂಖ್ಯಾತ ಘಟಕದ ಸಭೆಯಲ್ಲಿ ಮಾತನಾಡಿದ ಅವರು, ಸಂವಿಧಾನದ ಆಶಯದಂತೆ ಸರ್ವರಿಗೂ ಸಮಪಾಲು ಎಂಬಂತೆ ಕಾಂಗ್ರೆಸ್ ಪಕ್ಷ ನಡೆದುಕೊಳ್ಳುತ್ತಿದೆ ಎಂದು ಮಾಜಿ ಶಾಸಕ ಕೆ.ಎಸ್.ಕಿರಣ್‌ಕುಮಾರ್ ತಿಳಿಸಿದರು. ಪಟ್ಟಣದ ಬ್ಲಾಕ್ ಕಾಂಗ್ರೆಸ್ ಕಛೇರಿ ಆವರಣದಲ್ಲಿ ಸೋಮವಾರ ಏರ್ಪಡಿಸಲಾಗಿದ್ದ ಕಾಂಗ್ರೆಸ್ ಅಲ್ಪಸಂಖ್ಯಾತರ ಘಟಕದ ಪದಾಧಿಕಾರಿಗಳ ಆಯ್ಕೆ ಕಾರ್ಯಕ್ರಮದಲ್ಲಿ ಪಾಲ್ಗೊಂಡು ಮಾತನಾಡಿದರು. ಅವರು ಕಳೆದ 25 ವರ್ಷಗಳಿಂದ ನಮ್ಮ ತಾಲ್ಲೂಕಿನಲ್ಲಿ ಈ ಅಲ್ಪಸಂಖ್ಯಾತ ಘಟಕ ಇರಲಿಲ್ಲ, ಮೊದಲ ಬಾರಿಗೆ ಈ ಘಟಕವನ್ನು ಪ್ರಾರಂಭಿಸಲಾಗಿದೆ ಎಂದು ಹೇಳಿದರು. ಕಾರ್ಯಕರ್ತರು ಪಕ್ಷದ ಬಲವರ್ಧನೆಗೆ ಶ್ರಮಿಸಬೇಕು ಎಂದರು.
ಪಕ್ಷವನ್ನು ಬೆಂಬಲಿಸಲು ತಿಳಿಸಿದ ಅವರು ನಮ್ಮ ಸರ್ಕಾರದ ಗ್ಯಾರಂಟಿಗಳು ಅಂತರಾಷ್ಟ್ರೀಯ ಮಟ್ಟದಲ್ಲಿ ಮನ್ನಣೆ ಪಡೆದಿವೆ. ಇಂತಹ ಪಕ್ಷದಲ್ಲಿ ಮತ್ತೆ ಎಲ್ಲರಿಗೂ ಅವಕಾಶ ಕಲ್ಪಿಸಲಾಗುತ್ತಿದೆ ಎಂದರು. ಬ್ಲಾಕ್ ಕಾಂಗ್ರೆಸ್ ಅಧ್ಯಕ್ಷ ಸಿ.ಡಿ.ಚಂದ್ರಶೇಖರ್ ಮಾತನಾಡಿ ನಮ್ಮ ಸರ್ಕಾರ ಬಡವರ ಪರವಾಗಿ ಸರ್ಕಾರ ನಡೆಸುತ್ತಿದೆ. ಪಂಚ ಗ್ಯಾರಂಟಿ ಯೋಜನೆಗಳನ್ನು ಜಾರಿಗೆ ತಂದು ನುಡಿದಂತೆ ನಡೆದಿದೆ ಎಂದು ಹೇಳಿದರು. ಅಲ್ಪಸಂಖ್ಯಾತರ ಘಟಕದ ನೂತನ ಅಧ್ಯಕ್ಷರಾಗಿ ಆಯ್ಕೆಯಾದವರು ಪಕ್ಷದ ಸಂಘಟನೆಗೆ ಶ್ರಮಿಸಬೇಕು, ಮುಂಬರುವ ಸ್ಥಳೀಯ ಸಂಸ್ಥೆಗಳ ಚುನಾವಣೆಯಲ್ಲಿ ಪಕ್ಷದ ಅಭ್ಯರ್ಥಿಗಳನ್ನು ಗೆಲ್ಲಿಸಲು ಕೆಲಸ ಮಾಡಬೇಕು ಎಂದು ಕರೆ ನೀಡಿದರು.
ಸೌಲಭ್ಯದೊಂದಿಗೆ ಪ್ರತಿಮಹಿಳೆಯರ ಖಾತೆಗೆ ಪ್ರತಿತಿಂಗಳು 2 ಸಾವಿರ ಜಮಾ ಮಾಡುತ್ತಿದ್ದು ಅದರಂತೆ ಉಚಿತ ವಿದ್ಯುತ್ ನೀಡುತ್ತಿದ್ದು ವಿದ್ಯಾರ್ಥಿಗಳಿಗೆ ವೇತನ ನೀಡುತ್ತಿದ್ದು ಈ ಎಲ್ಲಾ ಯೋಜನೆಗಳು ಬಡವರ ಬದುಕಿಗೆ ಆಸರೆಯಾಗಿವೆ. ಗ್ಯಾರಂಟಿಗಳು ವಿಶ್ವಸಂಸ್ಥೆಯಲ್ಲೂ ಪ್ರಶಂಸೆಗೆ ಒಳಗಾಗಿವೆ ಎಂದರು. ಕಾರ್ಯಕ್ರಮದಲ್ಲಿ ಪಕ್ಷದ ವಿವಿಧ ಘಟಕಗಳ ಪದಾಧಿಕಾರಿಗಳು, ಪುರಸಭಾ ಸದಸ್ಯರು, ಮುಖಂಡರು ಹಾಜರಿದ್ದರು. ಮುಂದಿನ ದಿನಗಳಲ್ಲಿ ಪಕ್ಷದ ಸಂಘಟನೆಯನ್ನು ಬಲಪಡಿಸಲು ಎಲ್ಲರೂ ಒಟ್ಟಾಗಿ ಕೆಲಸ ಮಾಡಬೇಕು ಎಂದು ಮನವಿ ಮಾಡಿದರು.
ಗೆಲುವು ಸಾಧಿಸುವಂತೆ ಮಾಡಬೇಕು ಎಂದರು. ಅಲ್ಪಸಂಖ್ಯಾತ ಘಟಕದ ನೂತನ ಅಧ್ಯಕ್ಷ ಇರ್ಫಾನ್ ಮಾತನಾಡಿ ಈ ಅಲ್ಪಸಂಖ್ಯಾತರ ಘಟಕದಲ್ಲಿ ಮುಸ್ಲಿಂ ಘಟಕವಲ್ಲದೆ ಕ್ರಿಶ್ಚಿಯನ್, ಬೌದ್ಧ, ಜೈನರು ಎಲ್ಲರೂ ಸೇರಿದ್ದಾರೆ ನಾವು ಒಟ್ಟಾಗಿ ಭಾರತವನ್ನು ಒಂದುಗೂಡಿಸೋಣ ಎಂದು ಹೇಳಿದರು. ಎಲ್ಲರೂ ಒಂದೇ ಎಂಬ ಭಾವನೆ ಮೂಡಿಸಿ ದೇಶದ ಜನ ಸಮಾನರು ಎಂದು ತೋರಿಸಿಕೊಡಬೇಕು ಎಂದರು. ನಾವೆಲ್ಲರೂ ಸಂವಿಧಾನದ ಆಶಯಗಳನ್ನು ಪಾಲಿಸಬೇಕು, ಕಾಂಗ್ರೆಸ್ ಪಕ್ಷ ಎಲ್ಲರನ್ನು ಒಳಗೊಂಡು ಮುನ್ನಡೆಯುತ್ತಿದೆ ಎಂದರು. ಕಾರ್ಯಕ್ರಮದಲ್ಲಿ ಜಿಲ್ಲಾ ಅಲ್ಪಸಂಖ್ಯಾತ ಘಟಕದ ಅಧ್ಯಕ್ಷ ಸುಲ್ತಾನ್, ಸೇವಾದಳದ ರಾಜ್ಯ ಪ್ರ.ಕಾರ್ಯದರ್ಶಿ ಕೆ.ಜಿ.ಕೃಷ್ಣೇಗೌಡ, ಬ್ಲಾಕ್ ಕಾಂಗ್ರೆಸ್ ಕಮಿಟಿ ಸದಸ್ಯರು ಸೇರಿದಂತೆ ಮತ್ತಿತರರು ಭಾಗವಹಿಸಿದ್ದರು.
